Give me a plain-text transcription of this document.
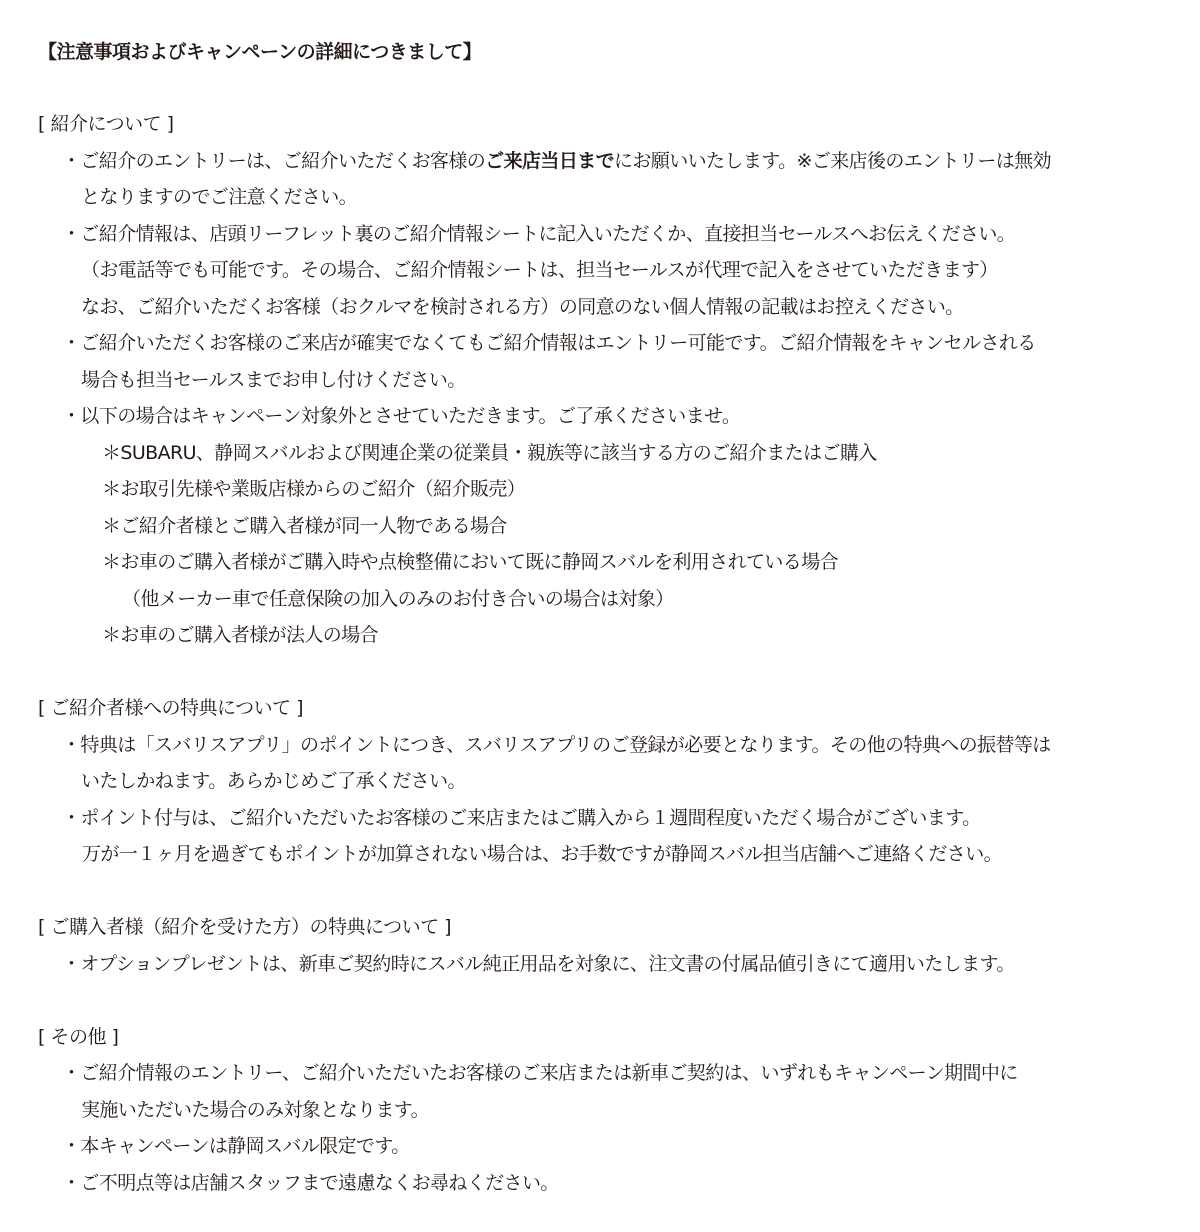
【注意事項およびキャンペーンの詳細につきまして】
[ 紹介について ]
・ご紹介のエントリーは、ご紹介いただくお客様のご来店当日までにお願いいたします。※ご来店後のエントリーは無効
となりますのでご注意ください。
・ご紹介情報は、店頭リーフレット裏のご紹介情報シートに記入いただくか、直接担当セールスへお伝えください。
（お電話等でも可能です。その場合、ご紹介情報シートは、担当セールスが代理で記入をさせていただきます）
なお、ご紹介いただくお客様（おクルマを検討される方）の同意のない個人情報の記載はお控えください。
・ご紹介いただくお客様のご来店が確実でなくてもご紹介情報はエントリー可能です。ご紹介情報をキャンセルされる
場合も担当セールスまでお申し付けください。
・以下の場合はキャンペーン対象外とさせていただきます。ご了承くださいませ。
＊SUBARU、静岡スバルおよび関連企業の従業員・親族等に該当する方のご紹介またはご購入
＊お取引先様や業販店様からのご紹介（紹介販売）
＊ご紹介者様とご購入者様が同一人物である場合
＊お車のご購入者様がご購入時や点検整備において既に静岡スバルを利用されている場合
（他メーカー車で任意保険の加入のみのお付き合いの場合は対象）
＊お車のご購入者様が法人の場合
[ ご紹介者様への特典について ]
・特典は「スバリスアプリ」のポイントにつき、スバリスアプリのご登録が必要となります。その他の特典への振替等は
いたしかねます。あらかじめご了承ください。
・ポイント付与は、ご紹介いただいたお客様のご来店またはご購入から１週間程度いただく場合がございます。
万が一１ヶ月を過ぎてもポイントが加算されない場合は、お手数ですが静岡スバル担当店舗へご連絡ください。
[ ご購入者様（紹介を受けた方）の特典について ]
・オプションプレゼントは、新車ご契約時にスバル純正用品を対象に、注文書の付属品値引きにて適用いたします。
[ その他 ]
・ご紹介情報のエントリー、ご紹介いただいたお客様のご来店または新車ご契約は、いずれもキャンペーン期間中に
実施いただいた場合のみ対象となります。
・本キャンペーンは静岡スバル限定です。
・ご不明点等は店舗スタッフまで遠慮なくお尋ねください。
